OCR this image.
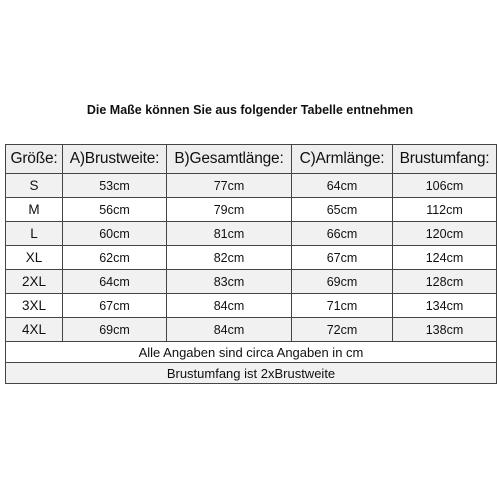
Die Maße können Sie aus folgender Tabelle entnehmen
Größe:	A)Brustweite:	B)Gesamtlänge:	C)Armlänge:	Brustumfang:
S	53cm	77cm	64cm	106cm
M	56cm	79cm	65cm	112cm
L	60cm	81cm	66cm	120cm
XL	62cm	82cm	67cm	124cm
2XL	64cm	83cm	69cm	128cm
3XL	67cm	84cm	71cm	134cm
4XL	69cm	84cm	72cm	138cm
Alle Angaben sind circa Angaben in cm				
Brustumfang ist 2xBrustweite				
